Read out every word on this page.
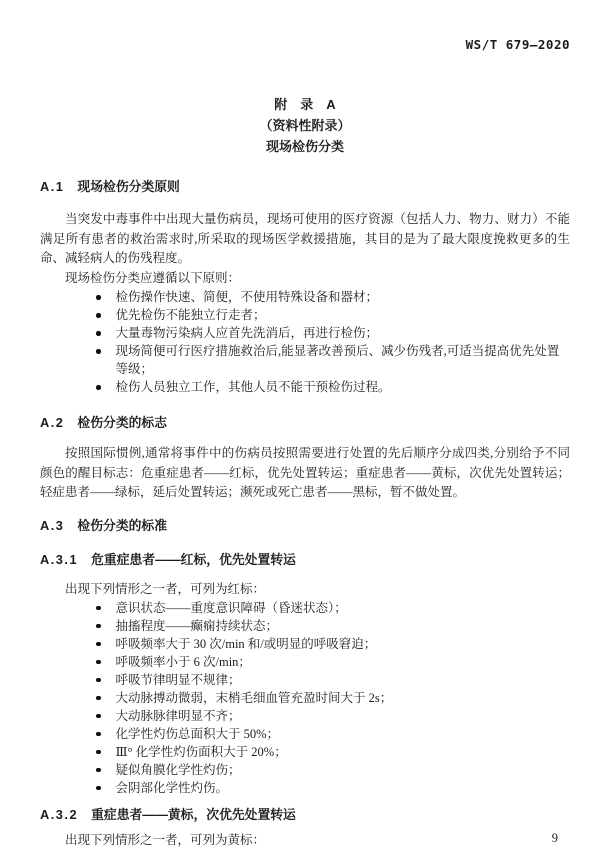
WS/T 679—2020
附　录　A
（资料性附录）
现场检伤分类
A.1 现场检伤分类原则

当突发中毒事件中出现大量伤病员，现场可使用的医疗资源（包括人力、物力、财力）不能满足所有患者的救治需求时,所采取的现场医学救援措施，其目的是为了最大限度挽救更多的生命、减轻病人的伤残程度。

现场检伤分类应遵循以下原则：

检伤操作快速、简便，不使用特殊设备和器材；
优先检伤不能独立行走者；
大量毒物污染病人应首先洗消后，再进行检伤；
现场简便可行医疗措施救治后,能显著改善预后、减少伤残者,可适当提高优先处置等级；
检伤人员独立工作，其他人员不能干预检伤过程。
A.2 检伤分类的标志

按照国际惯例,通常将事件中的伤病员按照需要进行处置的先后顺序分成四类,分别给予不同颜色的醒目标志：危重症患者——红标，优先处置转运；重症患者——黄标，次优先处置转运；轻症患者——绿标，延后处置转运；濒死或死亡患者——黑标，暂不做处置。

A.3 检伤分类的标准
A.3.1 危重症患者——红标，优先处置转运

出现下列情形之一者，可列为红标：

意识状态——重度意识障碍（昏迷状态）；
抽搐程度——癫痫持续状态；
呼吸频率大于 30 次/min 和/或明显的呼吸窘迫；
呼吸频率小于 6 次/min；
呼吸节律明显不规律；
大动脉搏动微弱，末梢毛细血管充盈时间大于 2s；
大动脉脉律明显不齐；
化学性灼伤总面积大于 50%；
Ⅲ° 化学性灼伤面积大于 20%；
疑似角膜化学性灼伤；
会阴部化学性灼伤。
A.3.2 重症患者——黄标，次优先处置转运

出现下列情形之一者，可列为黄标：	9
